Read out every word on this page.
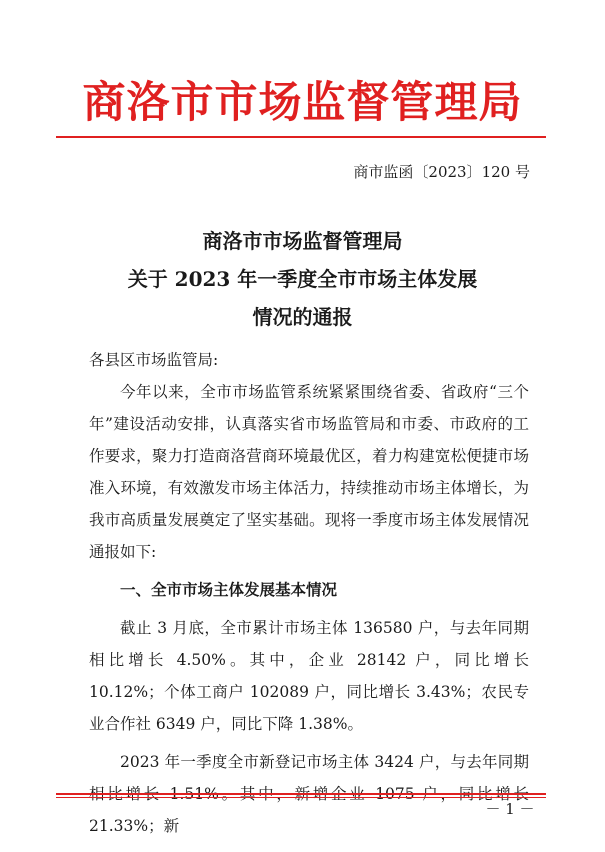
商洛市市场监督管理局
商市监函〔2023〕120 号
商洛市市场监督管理局
关于 2023 年一季度全市市场主体发展
情况的通报

各县区市场监管局:

今年以来，全市市场监管系统紧紧围绕省委、省政府“三个年”建设活动安排，认真落实省市场监管局和市委、市政府的工作要求，聚力打造商洛营商环境最优区，着力构建宽松便捷市场准入环境，有效激发市场主体活力，持续推动市场主体增长，为我市高质量发展奠定了坚实基础。现将一季度市场主体发展情况通报如下:

一、全市市场主体发展基本情况

截止 3 月底，全市累计市场主体 136580 户，与去年同期相比增长 4.50%。其中，企业 28142 户，同比增长 10.12%；个体工商户 102089 户，同比增长 3.43%；农民专业合作社 6349 户，同比下降 1.38%。

2023 年一季度全市新登记市场主体 3424 户，与去年同期 21.33%；新

－ 1 －
